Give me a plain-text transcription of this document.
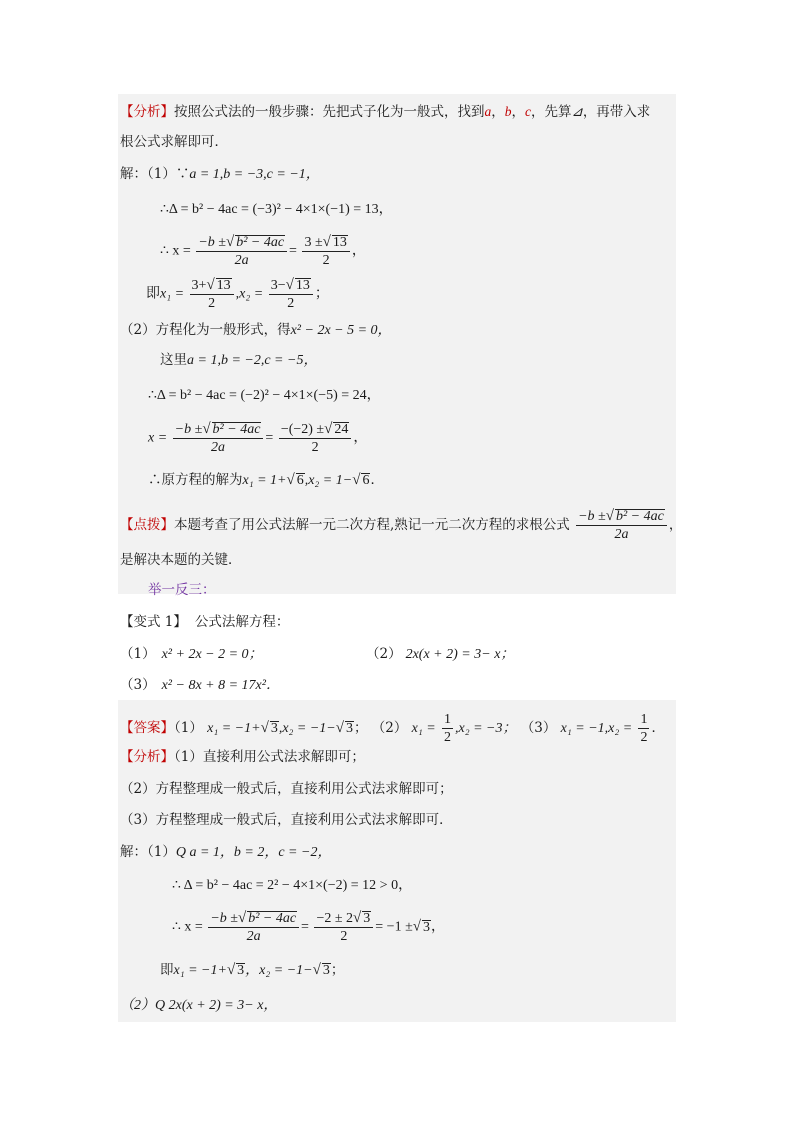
【分析】按照公式法的一般步骤：先把式子化为一般式，找到a，b，c，先算⊿，再带入求
根公式求解即可．
解：（1）∵a = 1,b = −3,c = −1，
∴Δ = b² − 4ac = (−3)² − 4×1×(−1) = 13，
∴ $x = \frac{\text{−b ±√ b² − 4ac}}{2a} = \frac{3 \pm√ 13}{2}$ ，
即$x_1 = \frac{3+√ 13}{2} ,x_2 = \frac{3-√ 13}{2}$ ；
（2）方程化为一般形式，得x² − 2x − 5 = 0，
这里a = 1,b = −2,c = −5，
∴Δ = b² − 4ac = (−2)² − 4×1×(−5) = 24，
$x = \frac{\text{−b ±√ b² − 4ac}}{2a} = \frac{-(-2) \pm√ 24}{2}$ ，
∴原方程的解为x₁ = 1+√ 6,x₂ = 1−√ 6．
【点拨】本题考查了用公式法解一元二次方程,熟记一元二次方程的求根公式 $\frac{\text{−b ±√ b² − 4ac}}{2a}$ ，
是解决本题的关键．
举一反三：
【变式 1】 公式法解方程：
（1） x² + 2x − 2 = 0；	（2） 2x(x + 2) = 3− x；
（3） x² − 8x + 8 = 17x²．
【答案】（1） x₁ = −1+√ 3,x₂ = −1−√ 3； （2） $x_1 = \frac{1}{2} ,x_2 = -3$； （3） $x_1 = -1,x_2 = \frac{1}{2}$ ．
【分析】（1）直接利用公式法求解即可；
（2）方程整理成一般式后，直接利用公式法求解即可；
（3）方程整理成一般式后，直接利用公式法求解即可．
解：（1）Q a = 1，b = 2，c = −2，
∴ Δ = b² − 4ac = 2² − 4×1×(−2) = 12 > 0，
∴ $x = \frac{\text{−b ±√ b² − 4ac}}{2a} = \frac{-2 \pm 2√ 3}{2} = -1$ ±√ 3，
即x₁ = −1+√ 3，x₂ = −1−√ 3；
（2）Q 2x(x + 2) = 3− x，
